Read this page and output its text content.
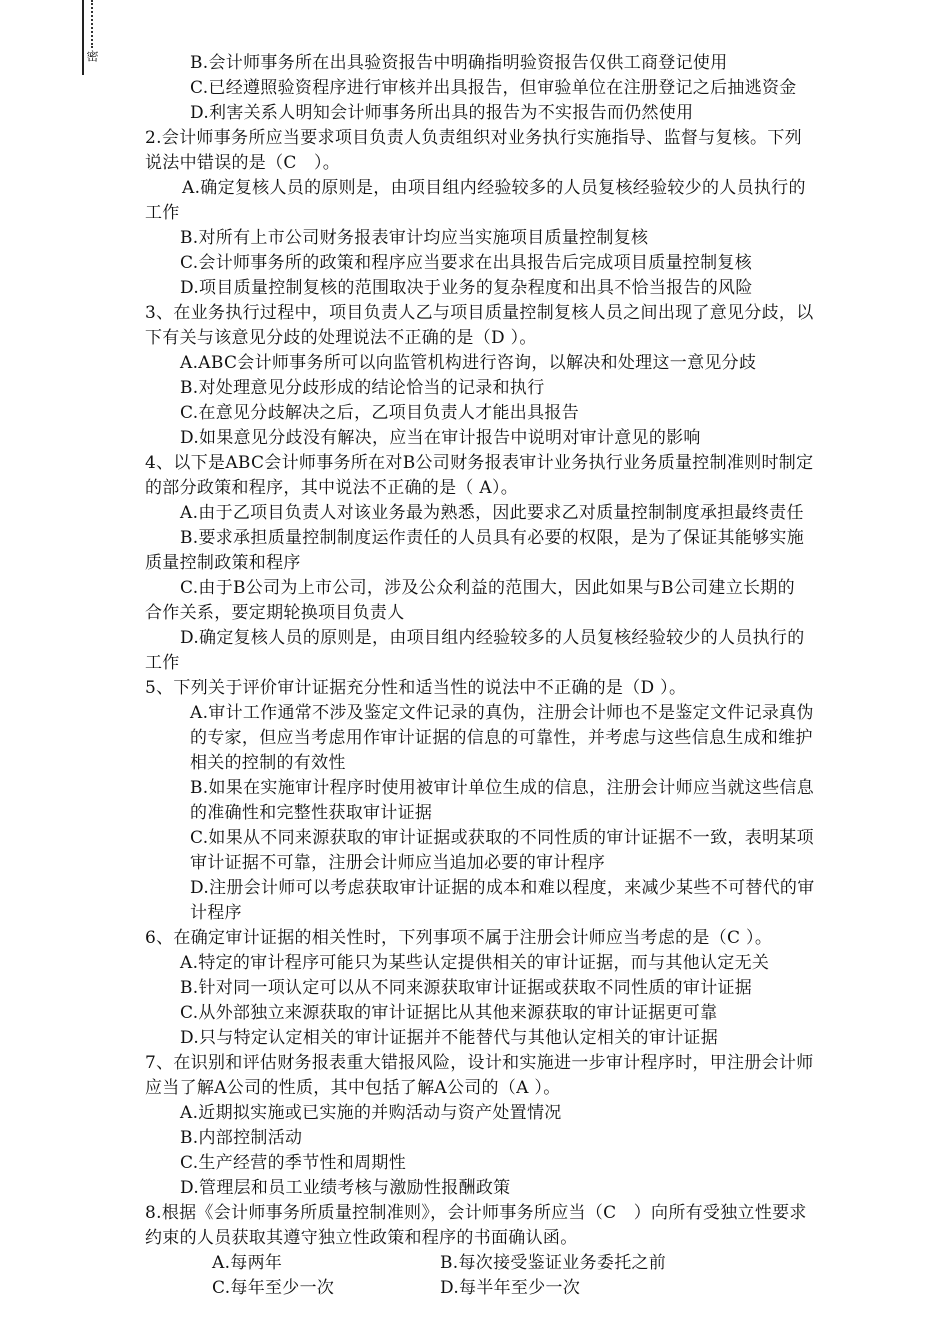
密	B.会计师事务所在出具验资报告中明确指明验资报告仅供工商登记使用
C.已经遵照验资程序进行审核并出具报告，但审验单位在注册登记之后抽逃资金
D.利害关系人明知会计师事务所出具的报告为不实报告而仍然使用
2.会计师事务所应当要求项目负责人负责组织对业务执行实施指导、监督与复核。下列
说法中错误的是（C　）。
A.确定复核人员的原则是，由项目组内经验较多的人员复核经验较少的人员执行的
工作
B.对所有上市公司财务报表审计均应当实施项目质量控制复核
C.会计师事务所的政策和程序应当要求在出具报告后完成项目质量控制复核
D.项目质量控制复核的范围取决于业务的复杂程度和出具不恰当报告的风险
3、在业务执行过程中，项目负责人乙与项目质量控制复核人员之间出现了意见分歧，以
下有关与该意见分歧的处理说法不正确的是（D ）。
A.ABC会计师事务所可以向监管机构进行咨询，以解决和处理这一意见分歧
B.对处理意见分歧形成的结论恰当的记录和执行
C.在意见分歧解决之后，乙项目负责人才能出具报告
D.如果意见分歧没有解决，应当在审计报告中说明对审计意见的影响
4、以下是ABC会计师事务所在对B公司财务报表审计业务执行业务质量控制准则时制定
的部分政策和程序，其中说法不正确的是（ A）。
A.由于乙项目负责人对该业务最为熟悉，因此要求乙对质量控制制度承担最终责任
B.要求承担质量控制制度运作责任的人员具有必要的权限，是为了保证其能够实施
质量控制政策和程序
C.由于B公司为上市公司，涉及公众利益的范围大，因此如果与B公司建立长期的
合作关系，要定期轮换项目负责人
D.确定复核人员的原则是，由项目组内经验较多的人员复核经验较少的人员执行的
工作
5、下列关于评价审计证据充分性和适当性的说法中不正确的是（D ）。
A.审计工作通常不涉及鉴定文件记录的真伪，注册会计师也不是鉴定文件记录真伪
的专家，但应当考虑用作审计证据的信息的可靠性，并考虑与这些信息生成和维护
相关的控制的有效性
B.如果在实施审计程序时使用被审计单位生成的信息，注册会计师应当就这些信息
的准确性和完整性获取审计证据
C.如果从不同来源获取的审计证据或获取的不同性质的审计证据不一致，表明某项
审计证据不可靠，注册会计师应当追加必要的审计程序
D.注册会计师可以考虑获取审计证据的成本和难以程度，来减少某些不可替代的审
计程序
6、在确定审计证据的相关性时，下列事项不属于注册会计师应当考虑的是（C ）。
A.特定的审计程序可能只为某些认定提供相关的审计证据，而与其他认定无关
B.针对同一项认定可以从不同来源获取审计证据或获取不同性质的审计证据
C.从外部独立来源获取的审计证据比从其他来源获取的审计证据更可靠
D.只与特定认定相关的审计证据并不能替代与其他认定相关的审计证据
7、在识别和评估财务报表重大错报风险，设计和实施进一步审计程序时，甲注册会计师
应当了解A公司的性质，其中包括了解A公司的（A ）。
A.近期拟实施或已实施的并购活动与资产处置情况
B.内部控制活动
C.生产经营的季节性和周期性
D.管理层和员工业绩考核与激励性报酬政策
8.根据《会计师事务所质量控制准则》，会计师事务所应当（C　）向所有受独立性要求
约束的人员获取其遵守独立性政策和程序的书面确认函。
A.每两年	B.每次接受鉴证业务委托之前
C.每年至少一次	D.每半年至少一次
